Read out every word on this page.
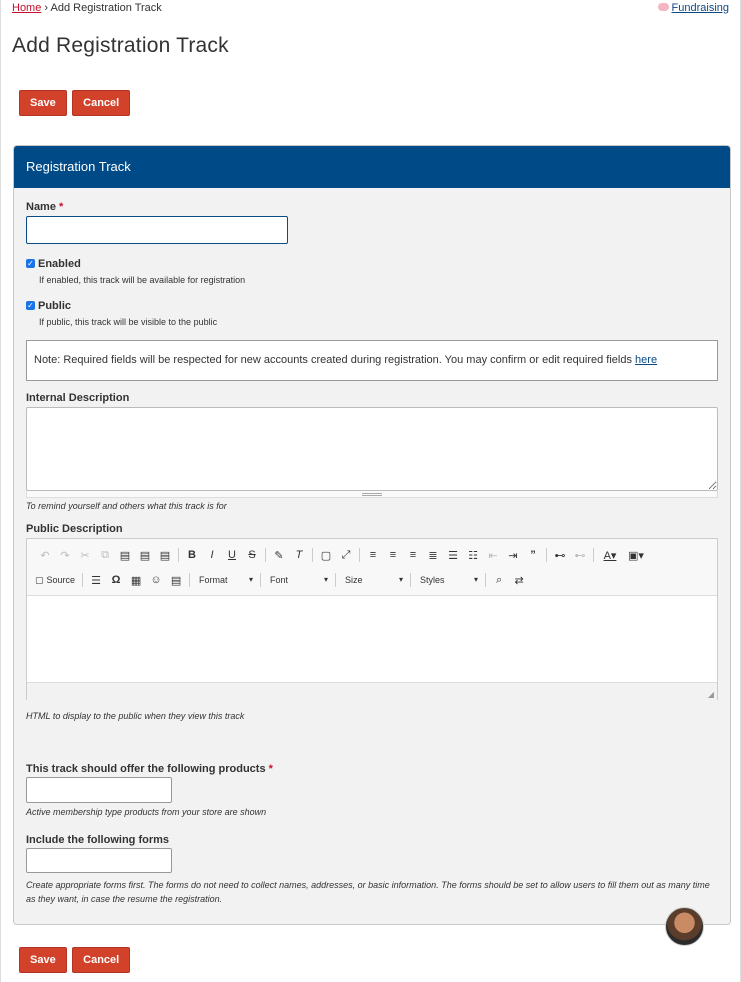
Home › Add Registration Track	Fundraising
Add Registration Track
Save Cancel
Registration Track
Name *
✓ Enabled
If enabled, this track will be available for registration
✓ Public
If public, this track will be visible to the public
Note: Required fields will be respected for new accounts created during registration. You may confirm or edit required fields here
Internal Description
To remind yourself and others what this track is for
Public Description
↶ ↷ ✂	⧉ ▤ ▤ ▤	B	I	U	S	✎	T	▢ ⤢	≡	≡	≡	≣ ☰ ☷ ⇤ ⇥	”	⊷ ⊷	A▾	▣▾
▢ Source	☰ Ω ▦ ☺ ▤	Format	▾	Font	▾	Size	▾	Styles	▾	⌕	⇄
◢
HTML to display to the public when they view this track
This track should offer the following products *
Active membership type products from your store are shown
Include the following forms
Create appropriate forms first. The forms do not need to collect names, addresses, or basic information. The forms should be set to allow users to fill them out as many time as they want, in case the resume the registration.
Save Cancel
